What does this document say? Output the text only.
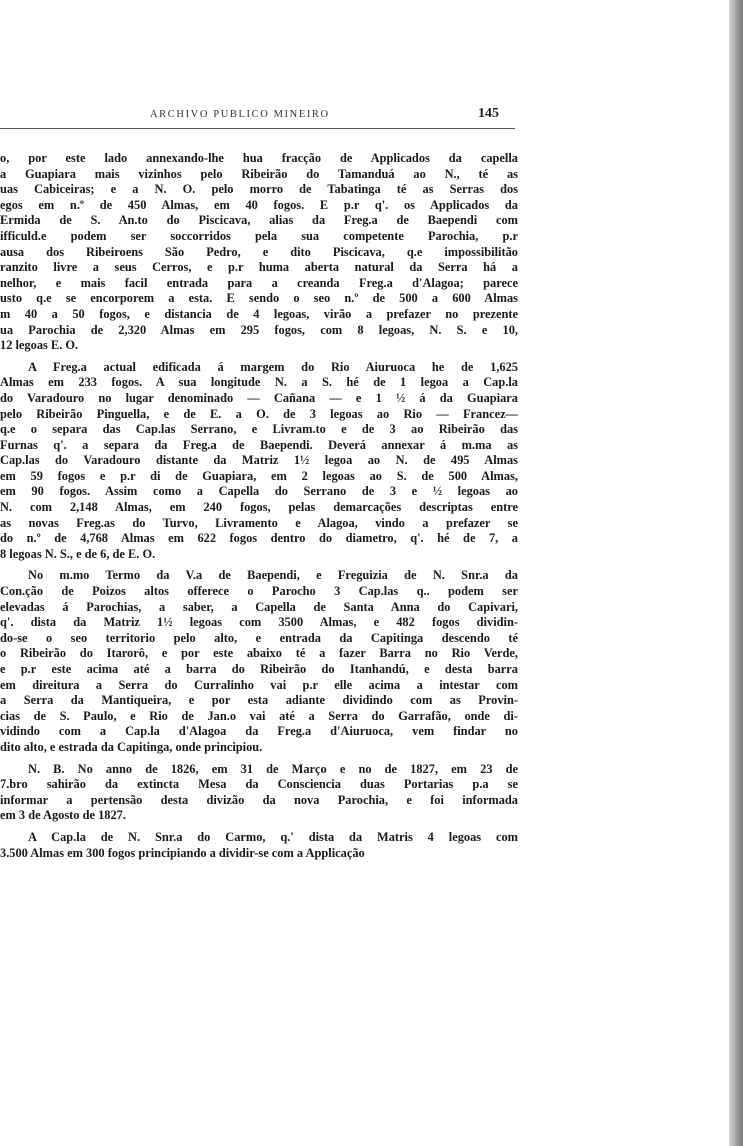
ARCHIVO PUBLICO MINEIRO	145
o, por este lado annexando-lhe hua fracção de Applicados da capella
a Guapiara mais vizinhos pelo Ribeirão do Tamanduá ao N., té as
uas Cabiceiras; e a N. O. pelo morro de Tabatinga té as Serras dos
egos em n.º de 450 Almas, em 40 fogos. E p.r q'. os Applicados da
Ermida de S. An.to do Piscicava, alias da Freg.a de Baependi com
ifficuld.e podem ser soccorridos pela sua competente Parochia, p.r
ausa dos Ribeiroens São Pedro, e dito Piscicava, q.e impossibilitão
ranzito livre a seus Cerros, e p.r huma aberta natural da Serra há a
nelhor, e mais facil entrada para a creanda Freg.a d'Alagoa; parece
usto q.e se encorporem a esta. E sendo o seo n.º de 500 a 600 Almas
m 40 a 50 fogos, e distancia de 4 legoas, virão a prefazer no prezente
ua Parochia de 2,320 Almas em 295 fogos, com 8 legoas, N. S. e 10,
12 legoas E. O.
A Freg.a actual edificada á margem do Rio Aiuruoca he de 1,625
Almas em 233 fogos. A sua longitude N. a S. hé de 1 legoa a Cap.la
do Varadouro no lugar denominado — Cañana — e 1 ½ á da Guapiara
pelo Ribeirão Pinguella, e de E. a O. de 3 legoas ao Rio — Francez—
q.e o separa das Cap.las Serrano, e Livram.to e de 3 ao Ribeirão das
Furnas q'. a separa da Freg.a de Baependi. Deverá annexar á m.ma as
Cap.las do Varadouro distante da Matriz 1½ legoa ao N. de 495 Almas
em 59 fogos e p.r di de Guapiara, em 2 legoas ao S. de 500 Almas,
em 90 fogos. Assim como a Capella do Serrano de 3 e ½ legoas ao
N. com 2,148 Almas, em 240 fogos, pelas demarcações descriptas entre
as novas Freg.as do Turvo, Livramento e Alagoa, vindo a prefazer se
do n.º de 4,768 Almas em 622 fogos dentro do diametro, q'. hé de 7, a
8 legoas N. S., e de 6, de E. O.
No m.mo Termo da V.a de Baependi, e Freguizia de N. Snr.a da
Con.ção de Poizos altos offerece o Parocho 3 Cap.las q.. podem ser
elevadas á Parochias, a saber, a Capella de Santa Anna do Capivari,
q'. dista da Matriz 1½ legoas com 3500 Almas, e 482 fogos dividin-
do-se o seo territorio pelo alto, e entrada da Capitinga descendo té
o Ribeirão do Itarorô, e por este abaixo té a fazer Barra no Rio Verde,
e p.r este acima até a barra do Ribeirão do Itanhandú, e desta barra
em direitura a Serra do Curralinho vai p.r elle acima a intestar com
a Serra da Mantiqueira, e por esta adiante dividindo com as Provin-
cias de S. Paulo, e Rio de Jan.o vai até a Serra do Garrafão, onde di-
vidindo com a Cap.la d'Alagoa da Freg.a d'Aiuruoca, vem findar no
dito alto, e estrada da Capitinga, onde principiou.
N. B. No anno de 1826, em 31 de Março e no de 1827, em 23 de
7.bro sahirão da extincta Mesa da Consciencia duas Portarias p.a se
informar a pertensão desta divizão da nova Parochia, e foi informada
em 3 de Agosto de 1827.
A Cap.la de N. Snr.a do Carmo, q.' dista da Matris 4 legoas com
3.500 Almas em 300 fogos principiando a dividir-se com a Applicação
